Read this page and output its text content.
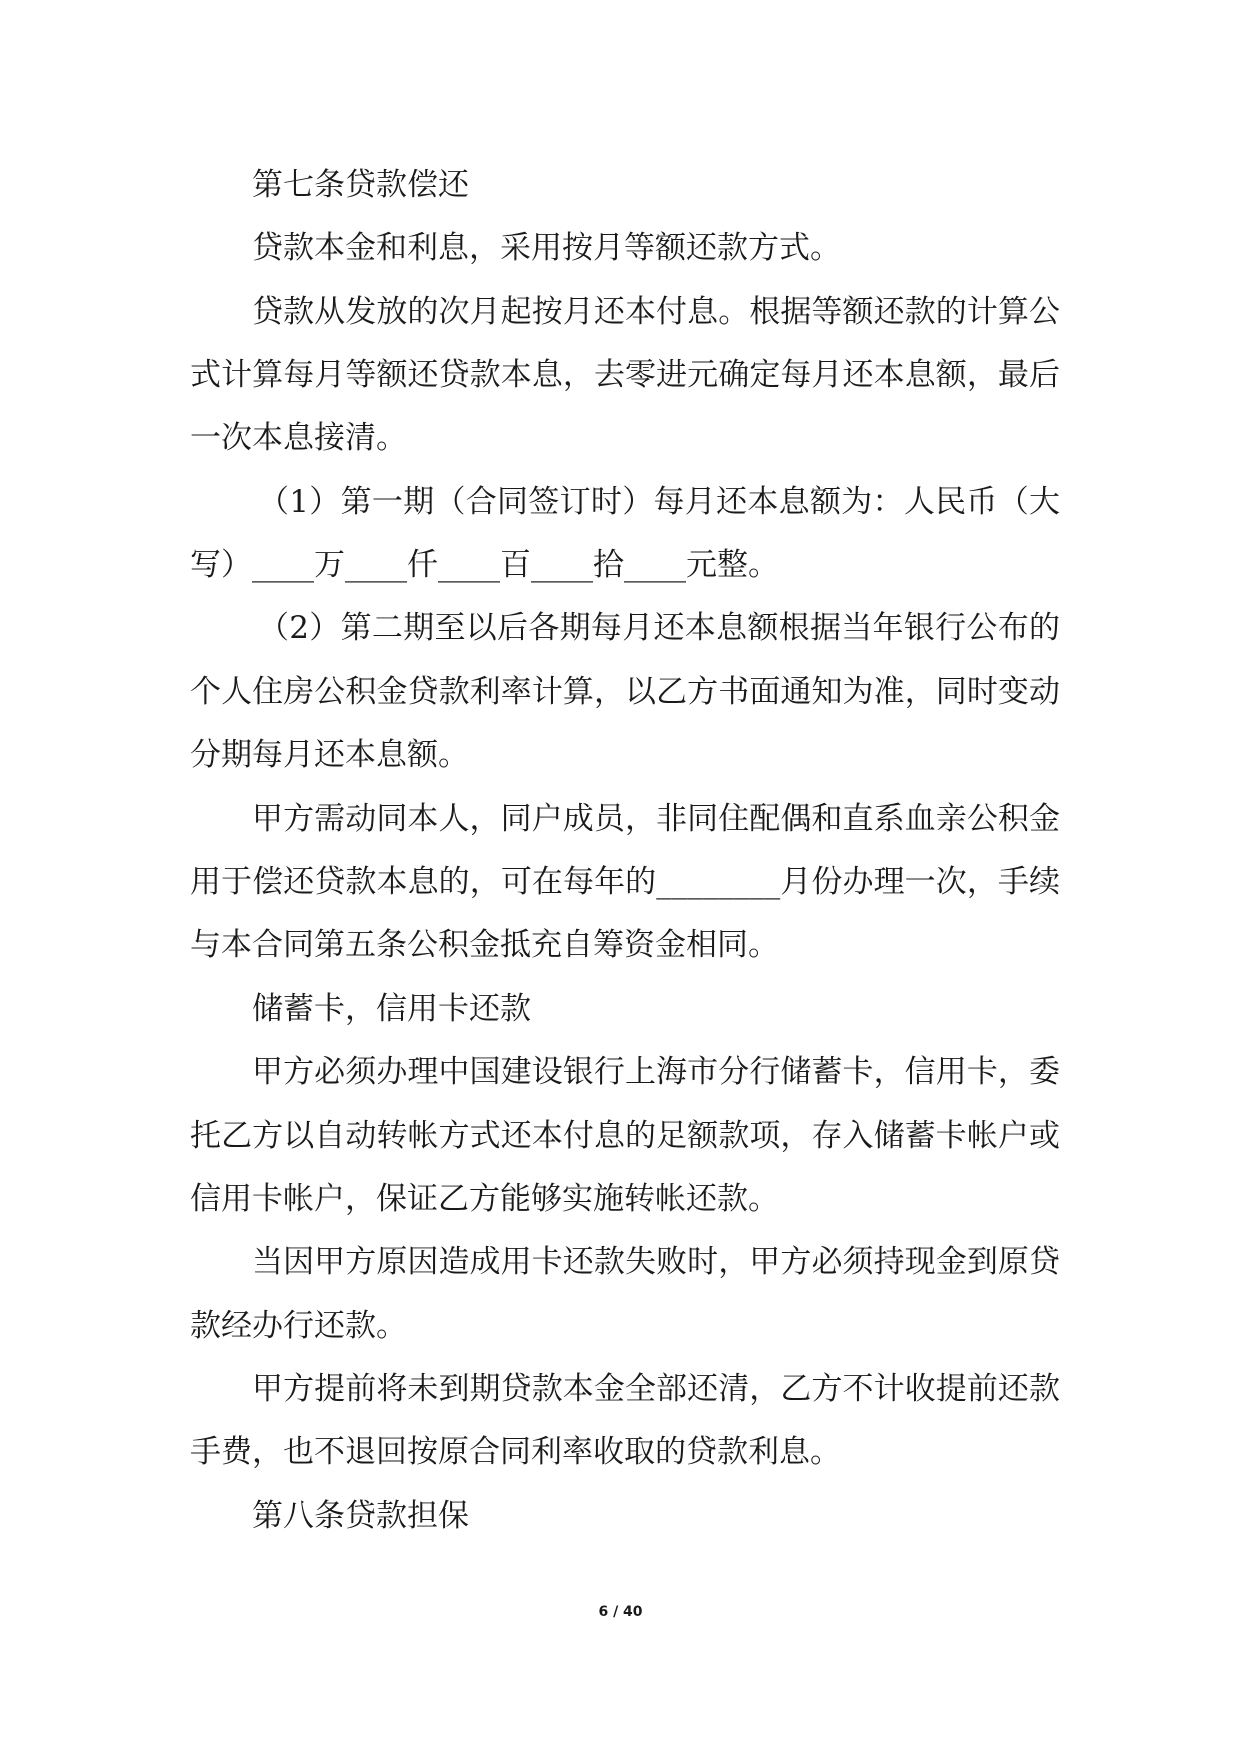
第七条贷款偿还
贷款本金和利息，采用按月等额还款方式。
贷款从发放的次月起按月还本付息。根据等额还款的计算公
式计算每月等额还贷款本息，去零进元确定每月还本息额，最后
一次本息接清。
（1）第一期（合同签订时）每月还本息额为：人民币（大
写）____万____仟____百____拾____元整。
（2）第二期至以后各期每月还本息额根据当年银行公布的
个人住房公积金贷款利率计算，以乙方书面通知为准，同时变动
分期每月还本息额。
甲方需动同本人，同户成员，非同住配偶和直系血亲公积金
用于偿还贷款本息的，可在每年的________月份办理一次，手续
与本合同第五条公积金抵充自筹资金相同。
储蓄卡，信用卡还款
甲方必须办理中国建设银行上海市分行储蓄卡，信用卡，委
托乙方以自动转帐方式还本付息的足额款项，存入储蓄卡帐户或
信用卡帐户，保证乙方能够实施转帐还款。
当因甲方原因造成用卡还款失败时，甲方必须持现金到原贷
款经办行还款。
甲方提前将未到期贷款本金全部还清，乙方不计收提前还款
手费，也不退回按原合同利率收取的贷款利息。
第八条贷款担保
6 / 40
